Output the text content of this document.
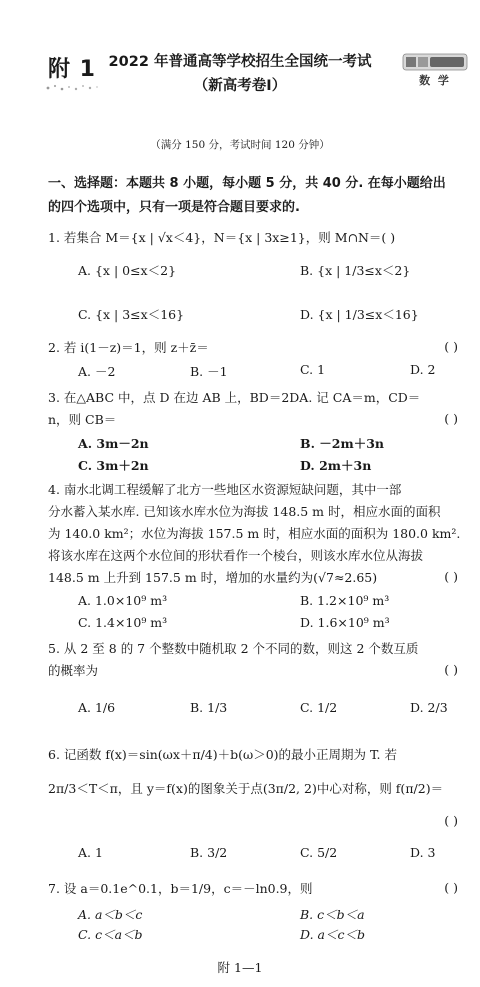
附 1 2022 年普通高等学校招生全国统一考试
（新高考卷Ⅰ）	数 学
（满分 150 分，考试时间 120 分钟）
一、选择题：本题共 8 小题，每小题 5 分，共 40 分. 在每小题给出
的四个选项中，只有一项是符合题目要求的.
1. 若集合 M＝{x | √x＜4}，N＝{x | 3x≥1}，则 M∩N＝( )
A. {x | 0≤x＜2}	B. {x | 1/3≤x＜2}
C. {x | 3≤x＜16}	D. {x | 1/3≤x＜16}
2. 若 i(1－z)＝1，则 z＋z̄＝	( )
A. －2	B. －1	C. 1	D. 2
3. 在△ABC 中，点 D 在边 AB 上，BD＝2DA. 记 CA＝m，CD＝
n，则 CB＝	( )
A. 3m－2n	B. －2m＋3n
C. 3m＋2n	D. 2m＋3n
4. 南水北调工程缓解了北方一些地区水资源短缺问题，其中一部
分水蓄入某水库. 已知该水库水位为海拔 148.5 m 时，相应水面的面积
为 140.0 km²；水位为海拔 157.5 m 时，相应水面的面积为 180.0 km².
将该水库在这两个水位间的形状看作一个棱台，则该水库水位从海拔
148.5 m 上升到 157.5 m 时，增加的水量约为(√7≈2.65)	( )
A. 1.0×10⁹ m³	B. 1.2×10⁹ m³
C. 1.4×10⁹ m³	D. 1.6×10⁹ m³
5. 从 2 至 8 的 7 个整数中随机取 2 个不同的数，则这 2 个数互质
的概率为	( )
A. 1/6	B. 1/3	C. 1/2	D. 2/3
6. 记函数 f(x)＝sin(ωx＋π/4)＋b(ω＞0)的最小正周期为 T. 若
2π/3＜T＜π，且 y＝f(x)的图象关于点(3π/2, 2)中心对称，则 f(π/2)＝
( )
A. 1	B. 3/2	C. 5/2	D. 3
7. 设 a＝0.1e^0.1，b＝1/9，c＝－ln0.9，则	( )
A. a＜b＜c	B. c＜b＜a
C. c＜a＜b	D. a＜c＜b
附 1—1
